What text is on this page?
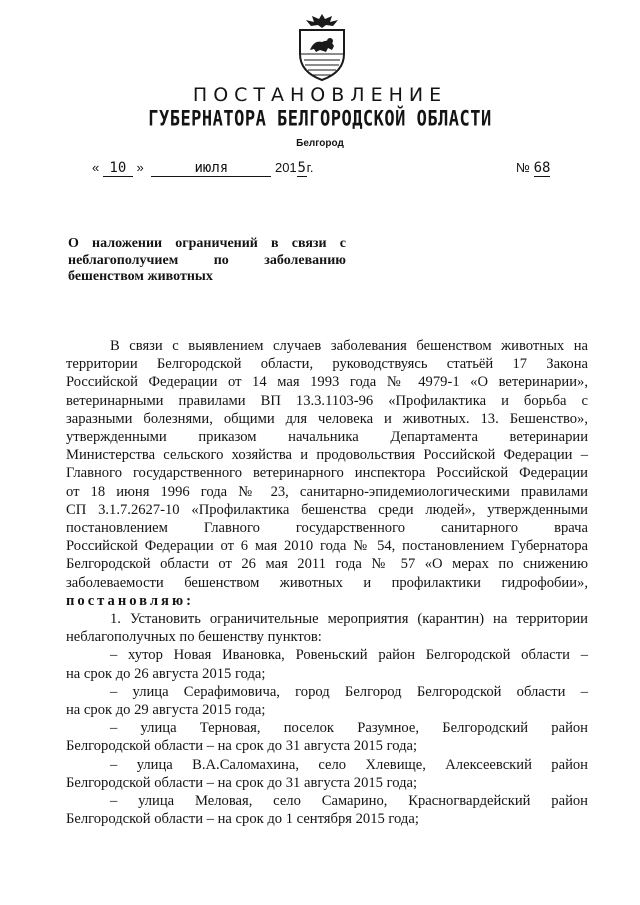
ПОСТАНОВЛЕНИЕ
ГУБЕРНАТОРА БЕЛГОРОДСКОЙ ОБЛАСТИ
Белгород
« 10 »	июля	2015г.	№ 68

О наложении ограничений в связи с
неблагополучием по заболеванию
бешенством животных

В связи с выявлением случаев заболевания бешенством животных на
территории Белгородской области, руководствуясь статьёй 17 Закона
Российской Федерации от 14 мая 1993 года № 4979-1 «О ветеринарии»,
ветеринарными правилами ВП 13.3.1103-96 «Профилактика и борьба с
заразными болезнями, общими для человека и животных. 13. Бешенство»,
утвержденными приказом начальника Департамента ветеринарии
Министерства сельского хозяйства и продовольствия Российской Федерации –
Главного государственного ветеринарного инспектора Российской Федерации
от 18 июня 1996 года № 23, санитарно-эпидемиологическими правилами
СП 3.1.7.2627-10 «Профилактика бешенства среди людей», утвержденными
постановлением Главного государственного санитарного врача
Российской Федерации от 6 мая 2010 года № 54, постановлением Губернатора
Белгородской области от 26 мая 2011 года № 57 «О мерах по снижению
заболеваемости бешенством животных и профилактики гидрофобии»,
постановляю:
1. Установить ограничительные мероприятия (карантин) на территории
неблагополучных по бешенству пунктов:
– хутор Новая Ивановка, Ровеньский район Белгородской области –
на срок до 26 августа 2015 года;
– улица Серафимовича, город Белгород Белгородской области –
на срок до 29 августа 2015 года;
– улица Терновая, поселок Разумное, Белгородский район
Белгородской области – на срок до 31 августа 2015 года;
– улица В.А.Саломахина, село Хлевище, Алексеевский район
Белгородской области – на срок до 31 августа 2015 года;
– улица Меловая, село Самарино, Красногвардейский район
Белгородской области – на срок до 1 сентября 2015 года;
